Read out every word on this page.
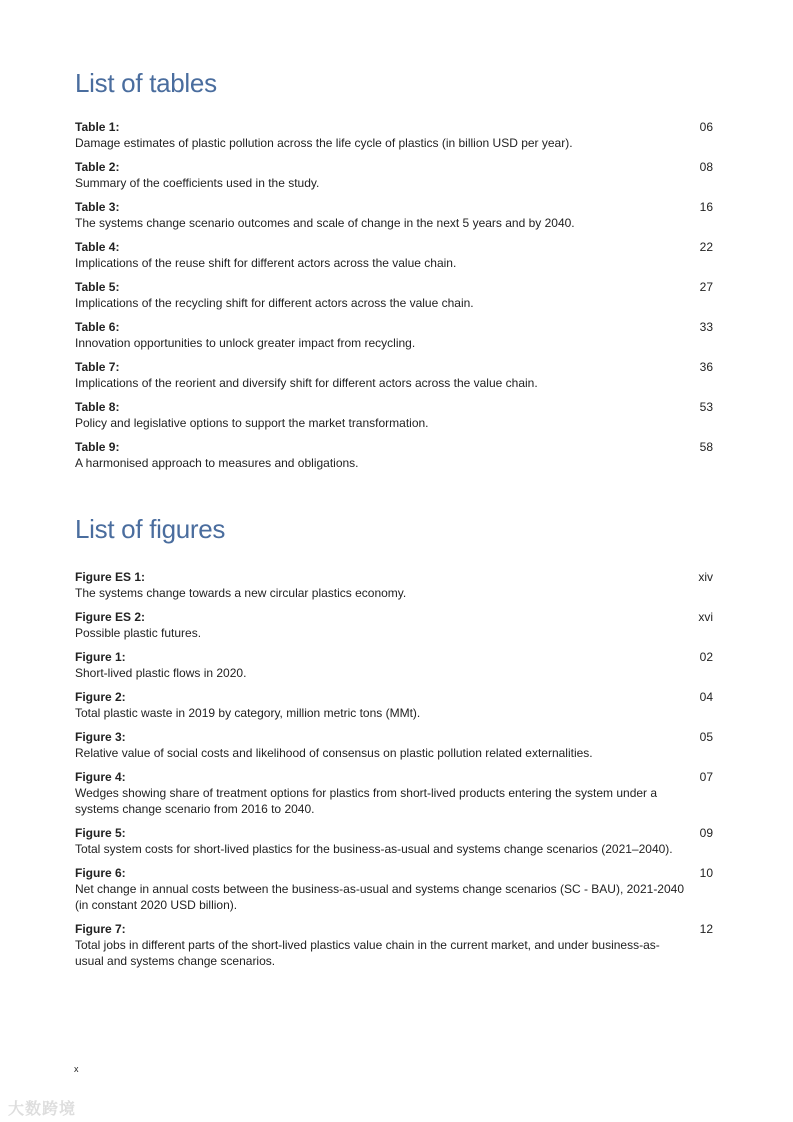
List of tables
Table 1:
Damage estimates of plastic pollution across the life cycle of plastics (in billion USD per year).
06
Table 2:
Summary of the coefficients used in the study.
08
Table 3:
The systems change scenario outcomes and scale of change in the next 5 years and by 2040.
16
Table 4:
Implications of the reuse shift for different actors across the value chain.
22
Table 5:
Implications of the recycling shift for different actors across the value chain.
27
Table 6:
Innovation opportunities to unlock greater impact from recycling.
33
Table 7:
Implications of the reorient and diversify shift for different actors across the value chain.
36
Table 8:
Policy and legislative options to support the market transformation.
53
Table 9:
A harmonised approach to measures and obligations.
58
List of figures
Figure ES 1:
The systems change towards a new circular plastics economy.
xiv
Figure ES 2:
Possible plastic futures.
xvi
Figure 1:
Short-lived plastic flows in 2020.
02
Figure 2:
Total plastic waste in 2019 by category, million metric tons (MMt).
04
Figure 3:
Relative value of social costs and likelihood of consensus on plastic pollution related externalities.
05
Figure 4:
Wedges showing share of treatment options for plastics from short-lived products entering the system under a systems change scenario from 2016 to 2040.
07
Figure 5:
Total system costs for short-lived plastics for the business-as-usual and systems change scenarios (2021–2040).
09
Figure 6:
Net change in annual costs between the business-as-usual and systems change scenarios (SC - BAU), 2021-2040 (in constant 2020 USD billion).
10
Figure 7:
Total jobs in different parts of the short-lived plastics value chain in the current market, and under business-as-usual and systems change scenarios.
12
x
大数跨境
